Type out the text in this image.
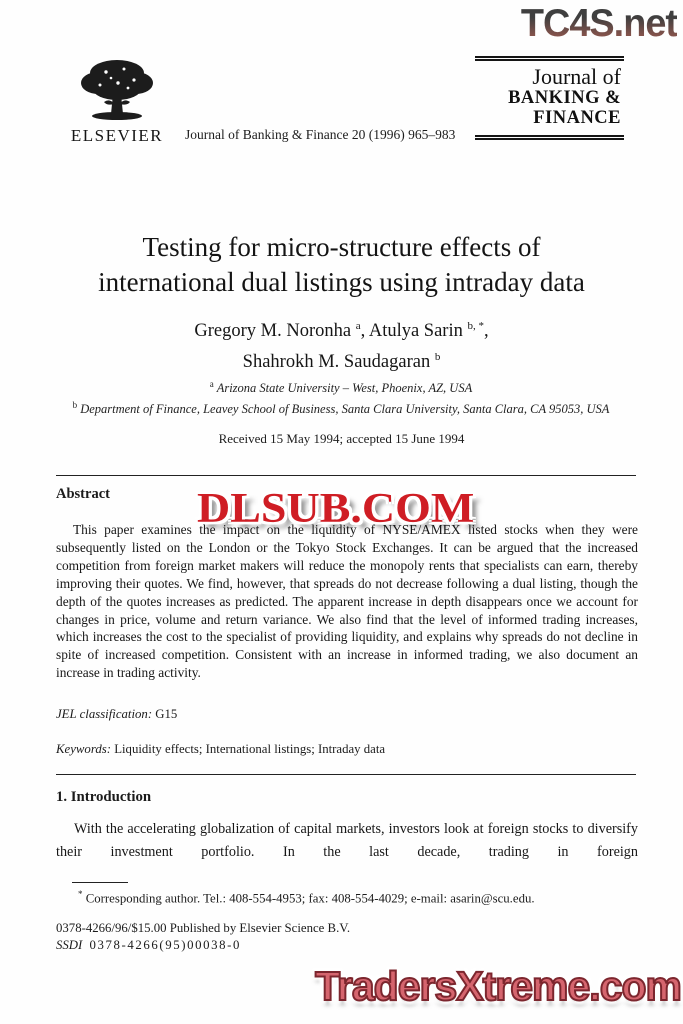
TC4S.net
DLSUB.COM
TradersXtreme.com
ELSEVIER	Journal of Banking & Finance 20 (1996) 965–983
Journal of
BANKING &
FINANCE
Testing for micro-structure effects of
international dual listings using intraday data
Gregory M. Noronha $^a$, Atulya Sarin $^{b, *}$,
Shahrokh M. Saudagaran $^b$
$^a$ Arizona State University – West, Phoenix, AZ, USA
$^b$ Department of Finance, Leavey School of Business, Santa Clara University, Santa Clara, CA 95053, USA
Received 15 May 1994; accepted 15 June 1994
Abstract
This paper examines the impact on the liquidity of NYSE/AMEX listed stocks when they were subsequently listed on the London or the Tokyo Stock Exchanges. It can be argued that the increased competition from foreign market makers will reduce the monopoly rents that specialists can earn, thereby improving their quotes. We find, however, that spreads do not decrease following a dual listing, though the depth of the quotes increases as predicted. The apparent increase in depth disappears once we account for changes in price, volume and return variance. We also find that the level of informed trading increases, which increases the cost to the specialist of providing liquidity, and explains why spreads do not decline in spite of increased competition. Consistent with an increase in informed trading, we also document an increase in trading activity.
JEL classification: G15
Keywords: Liquidity effects; International listings; Intraday data
1. Introduction
With the accelerating globalization of capital markets, investors look at foreign stocks to diversify their investment portfolio. In the last decade, trading in foreign
* Corresponding author. Tel.: 408-554-4953; fax: 408-554-4029; e-mail: asarin@scu.edu.
0378-4266/96/$15.00 Published by Elsevier Science B.V.
SSDI 0378-4266(95)00038-0
